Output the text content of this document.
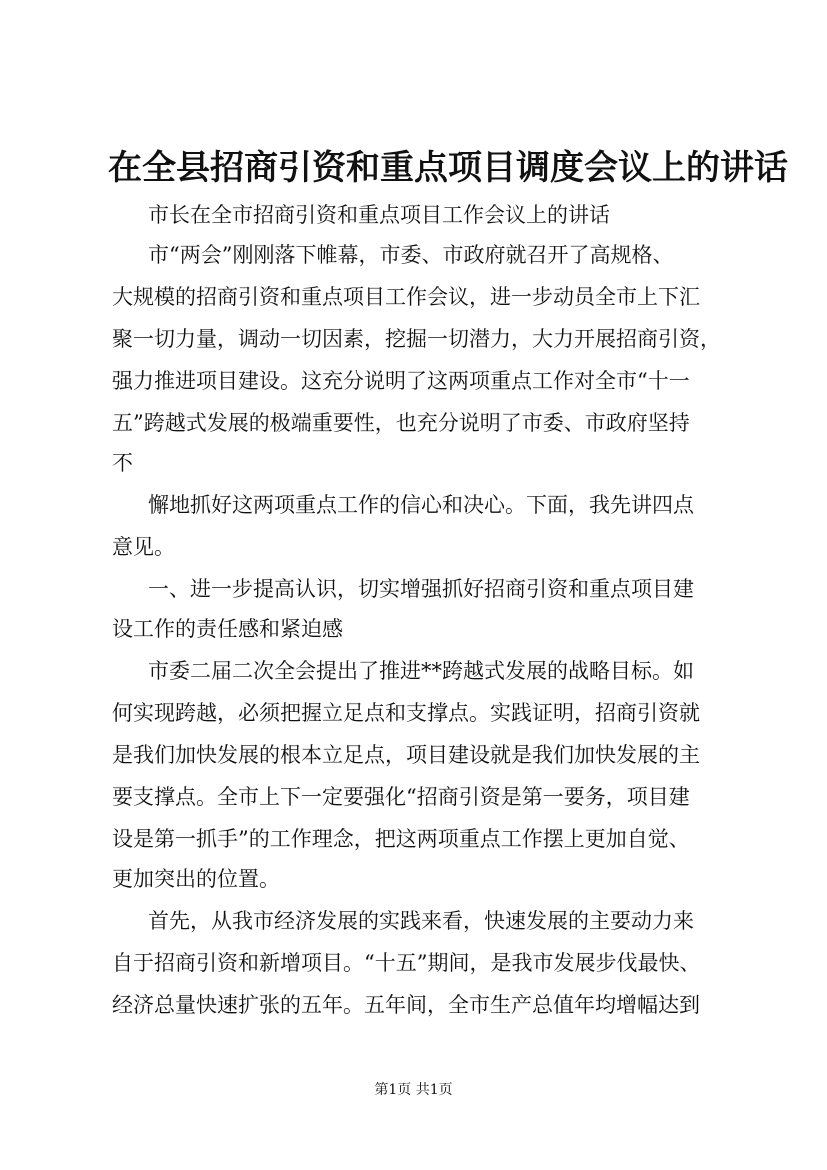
在全县招商引资和重点项目调度会议上的讲话
市长在全市招商引资和重点项目工作会议上的讲话
市“两会”刚刚落下帷幕，市委、市政府就召开了高规格、
大规模的招商引资和重点项目工作会议，进一步动员全市上下汇
聚一切力量，调动一切因素，挖掘一切潜力，大力开展招商引资，
强力推进项目建设。这充分说明了这两项重点工作对全市“十一
五”跨越式发展的极端重要性，也充分说明了市委、市政府坚持
不
懈地抓好这两项重点工作的信心和决心。下面，我先讲四点
意见。
一、进一步提高认识，切实增强抓好招商引资和重点项目建
设工作的责任感和紧迫感
市委二届二次全会提出了推进**跨越式发展的战略目标。如
何实现跨越，必须把握立足点和支撑点。实践证明，招商引资就
是我们加快发展的根本立足点，项目建设就是我们加快发展的主
要支撑点。全市上下一定要强化“招商引资是第一要务，项目建
设是第一抓手”的工作理念，把这两项重点工作摆上更加自觉、
更加突出的位置。
首先，从我市经济发展的实践来看，快速发展的主要动力来
自于招商引资和新增项目。“十五”期间，是我市发展步伐最快、
经济总量快速扩张的五年。五年间，全市生产总值年均增幅达到
第1页 共1页
